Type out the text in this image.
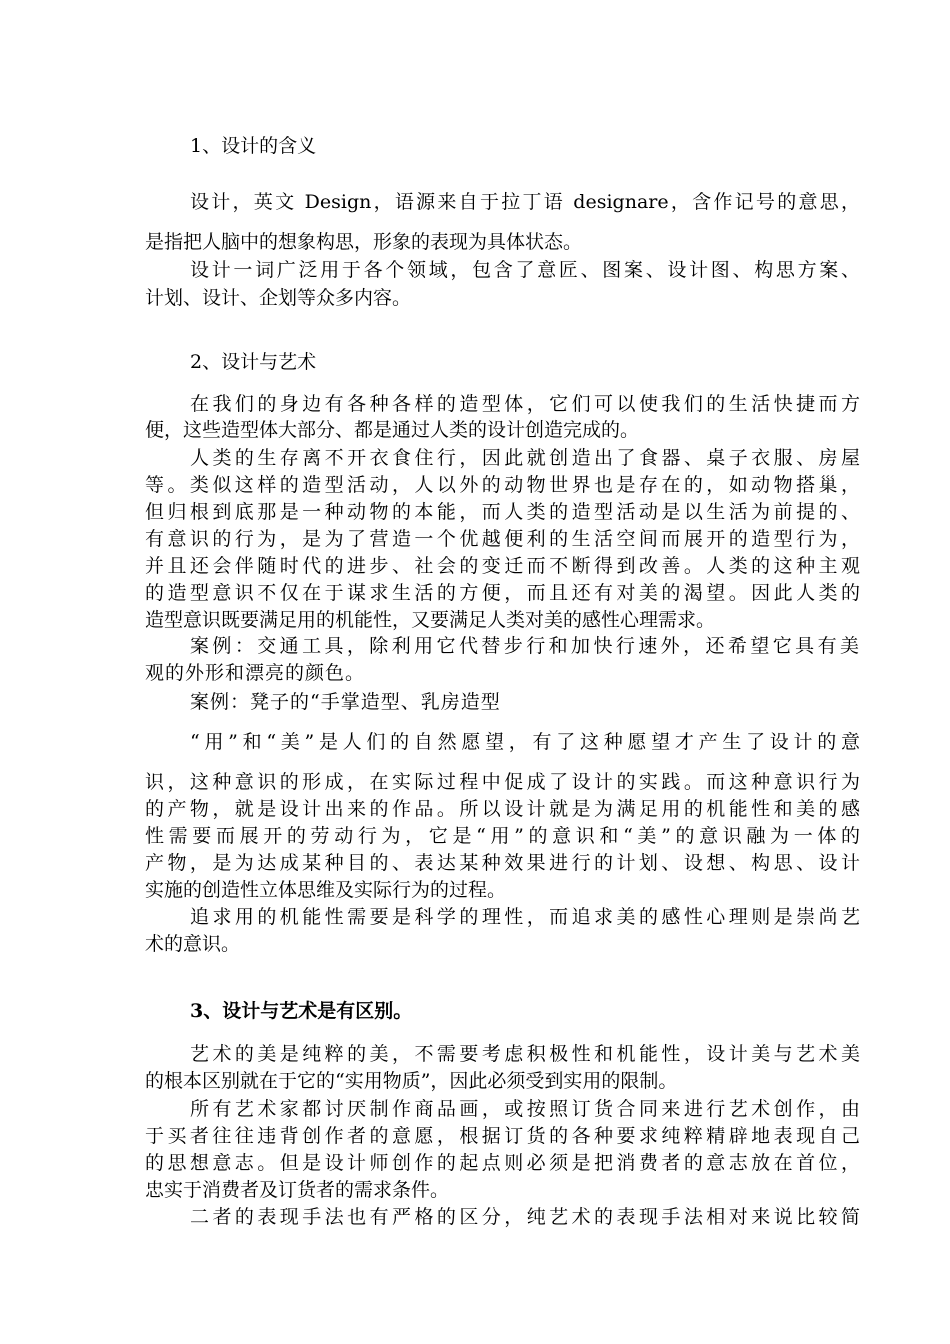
1、设计的含义
设计，英文 Design，语源来自于拉丁语 designare，含作记号的意思，
是指把人脑中的想象构思，形象的表现为具体状态。
设计一词广泛用于各个领域，包含了意匠、图案、设计图、构思方案、
计划、设计、企划等众多内容。
2、设计与艺术
在我们的身边有各种各样的造型体，它们可以使我们的生活快捷而方
便，这些造型体大部分、都是通过人类的设计创造完成的。
人类的生存离不开衣食住行，因此就创造出了食器、桌子衣服、房屋
等。类似这样的造型活动，人以外的动物世界也是存在的，如动物搭巢，
但归根到底那是一种动物的本能，而人类的造型活动是以生活为前提的、
有意识的行为，是为了营造一个优越便利的生活空间而展开的造型行为，
并且还会伴随时代的进步、社会的变迁而不断得到改善。人类的这种主观
的造型意识不仅在于谋求生活的方便，而且还有对美的渴望。因此人类的
造型意识既要满足用的机能性，又要满足人类对美的感性心理需求。
案例：交通工具，除利用它代替步行和加快行速外，还希望它具有美
观的外形和漂亮的颜色。
案例：凳子的“手掌造型、乳房造型
“用”和“美”是人们的自然愿望，有了这种愿望才产生了设计的意
识，这种意识的形成，在实际过程中促成了设计的实践。而这种意识行为
的产物，就是设计出来的作品。所以设计就是为满足用的机能性和美的感
性需要而展开的劳动行为，它是“用”的意识和“美”的意识融为一体的
产物，是为达成某种目的、表达某种效果进行的计划、设想、构思、设计
实施的创造性立体思维及实际行为的过程。
追求用的机能性需要是科学的理性，而追求美的感性心理则是崇尚艺
术的意识。
3、设计与艺术是有区别。
艺术的美是纯粹的美，不需要考虑积极性和机能性，设计美与艺术美
的根本区别就在于它的“实用物质”，因此必须受到实用的限制。
所有艺术家都讨厌制作商品画，或按照订货合同来进行艺术创作，由
于买者往往违背创作者的意愿，根据订货的各种要求纯粹精辟地表现自己
的思想意志。但是设计师创作的起点则必须是把消费者的意志放在首位，
忠实于消费者及订货者的需求条件。
二者的表现手法也有严格的区分，纯艺术的表现手法相对来说比较简
